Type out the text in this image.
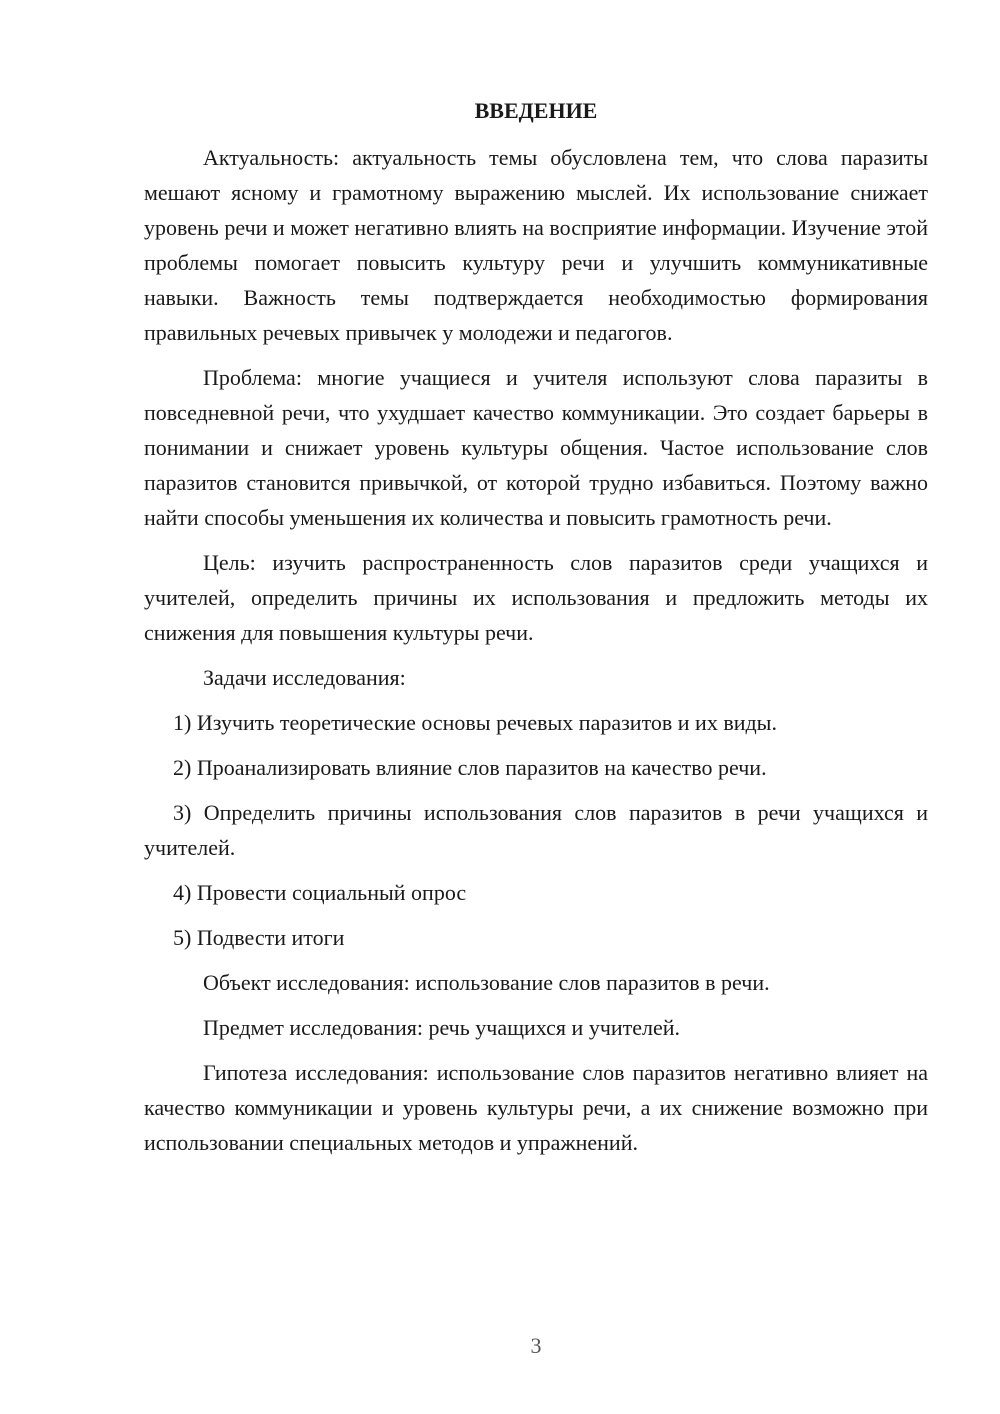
ВВЕДЕНИЕ

Актуальность: актуальность темы обусловлена тем, что слова паразиты мешают ясному и грамотному выражению мыслей. Их использование снижает уровень речи и может негативно влиять на восприятие информации. Изучение этой проблемы помогает повысить культуру речи и улучшить коммуникативные навыки. Важность темы подтверждается необходимостью формирования правильных речевых привычек у молодежи и педагогов.

Проблема: многие учащиеся и учителя используют слова паразиты в повседневной речи, что ухудшает качество коммуникации. Это создает барьеры в понимании и снижает уровень культуры общения. Частое использование слов паразитов становится привычкой, от которой трудно избавиться. Поэтому важно найти способы уменьшения их количества и повысить грамотность речи.

Цель: изучить распространенность слов паразитов среди учащихся и учителей, определить причины их использования и предложить методы их снижения для повышения культуры речи.

Задачи исследования:

1) Изучить теоретические основы речевых паразитов и их виды.

2) Проанализировать влияние слов паразитов на качество речи.

3) Определить причины использования слов паразитов в речи учащихся и учителей.

4) Провести социальный опрос

5) Подвести итоги

Объект исследования: использование слов паразитов в речи.

Предмет исследования: речь учащихся и учителей.

Гипотеза исследования: использование слов паразитов негативно влияет на качество коммуникации и уровень культуры речи, а их снижение возможно при использовании специальных методов и упражнений.

3
